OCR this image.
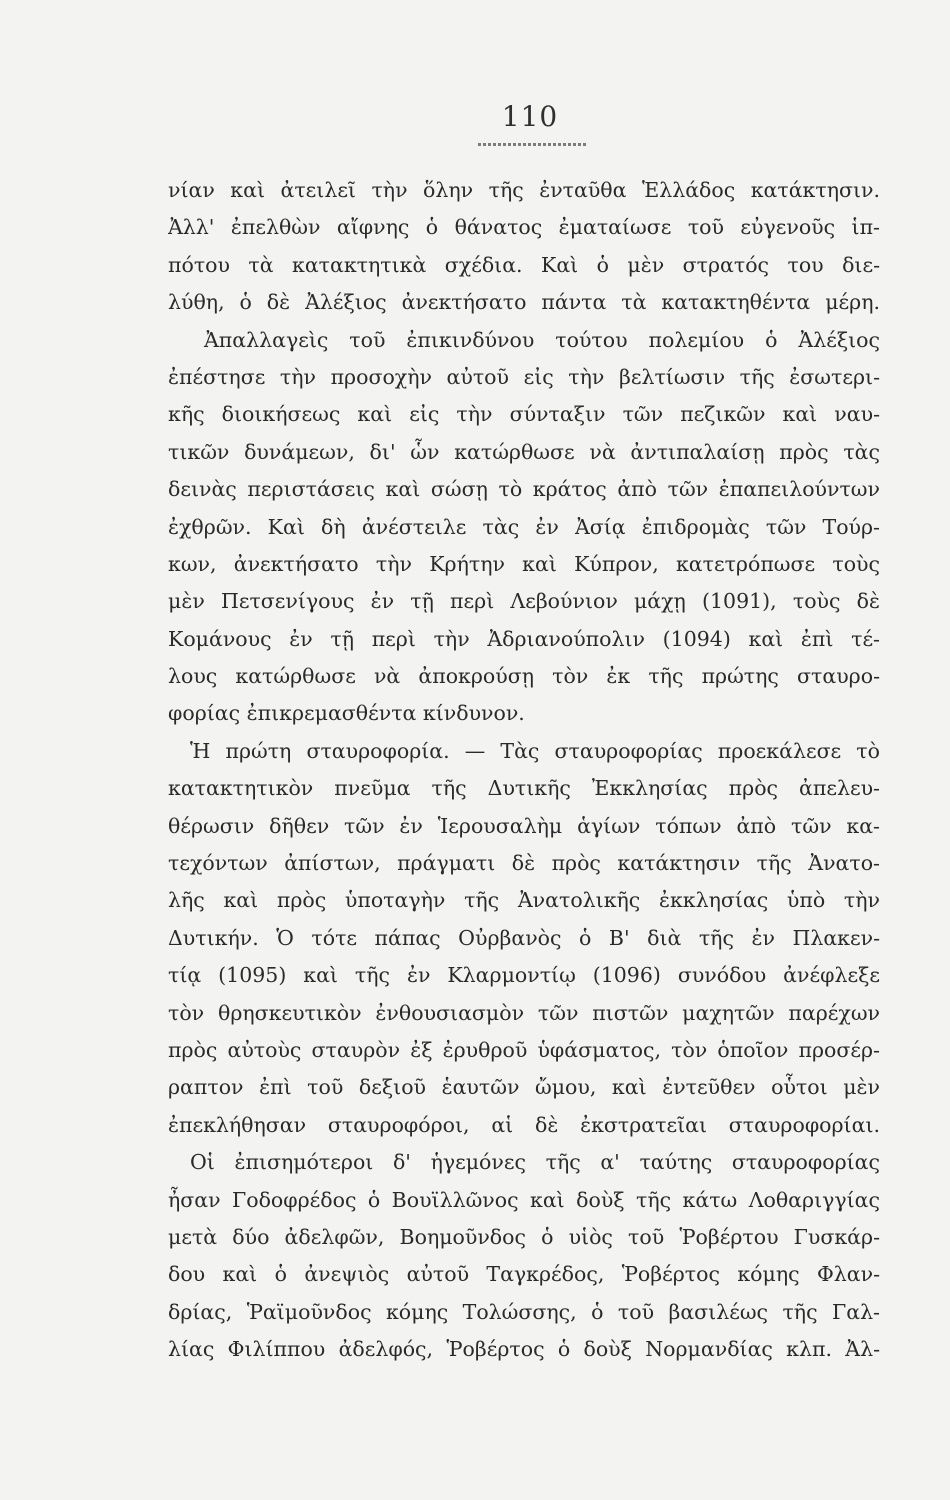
110
νίαν καὶ ἀτειλεῖ τὴν ὅλην τῆς ἐνταῦθα Ἑλλάδος κατάκτησιν.
Ἀλλ' ἐπελθὼν αἴφνης ὁ θάνατος ἐματαίωσε τοῦ εὐγενοῦς ἱπ-
πότου τὰ κατακτητικὰ σχέδια. Καὶ ὁ μὲν στρατός του διε-
λύθη, ὁ δὲ Ἀλέξιος ἀνεκτήσατο πάντα τὰ κατακτηθέντα μέρη.
Ἀπαλλαγεὶς τοῦ ἐπικινδύνου τούτου πολεμίου ὁ Ἀλέξιος
ἐπέστησε τὴν προσοχὴν αὐτοῦ εἰς τὴν βελτίωσιν τῆς ἐσωτερι-
κῆς διοικήσεως καὶ εἰς τὴν σύνταξιν τῶν πεζικῶν καὶ ναυ-
τικῶν δυνάμεων, δι' ὧν κατώρθωσε νὰ ἀντιπαλαίσῃ πρὸς τὰς
δεινὰς περιστάσεις καὶ σώσῃ τὸ κράτος ἀπὸ τῶν ἐπαπειλούντων
ἐχθρῶν. Καὶ δὴ ἀνέστειλε τὰς ἐν Ἀσίᾳ ἐπιδρομὰς τῶν Τούρ-
κων, ἀνεκτήσατο τὴν Κρήτην καὶ Κύπρον, κατετρόπωσε τοὺς
μὲν Πετσενίγους ἐν τῇ περὶ Λεβούνιον μάχῃ (1091), τοὺς δὲ
Κομάνους ἐν τῇ περὶ τὴν Ἀδριανούπολιν (1094) καὶ ἐπὶ τέ-
λους κατώρθωσε νὰ ἀποκρούσῃ τὸν ἐκ τῆς πρώτης σταυρο-
φορίας ἐπικρεμασθέντα κίνδυνον.
Ἡ πρώτη σταυροφορία. — Τὰς σταυροφορίας προεκάλεσε τὸ
κατακτητικὸν πνεῦμα τῆς Δυτικῆς Ἐκκλησίας πρὸς ἀπελευ-
θέρωσιν δῆθεν τῶν ἐν Ἱερουσαλὴμ ἁγίων τόπων ἀπὸ τῶν κα-
τεχόντων ἀπίστων, πράγματι δὲ πρὸς κατάκτησιν τῆς Ἀνατο-
λῆς καὶ πρὸς ὑποταγὴν τῆς Ἀνατολικῆς ἐκκλησίας ὑπὸ τὴν
Δυτικήν. Ὁ τότε πάπας Οὐρβανὸς ὁ Β' διὰ τῆς ἐν Πλακεν-
τίᾳ (1095) καὶ τῆς ἐν Κλαρμοντίῳ (1096) συνόδου ἀνέφλεξε
τὸν θρησκευτικὸν ἐνθουσιασμὸν τῶν πιστῶν μαχητῶν παρέχων
πρὸς αὐτοὺς σταυρὸν ἐξ ἐρυθροῦ ὑφάσματος, τὸν ὁποῖον προσέρ-
ραπτον ἐπὶ τοῦ δεξιοῦ ἑαυτῶν ὤμου, καὶ ἐντεῦθεν οὗτοι μὲν
ἐπεκλήθησαν σταυροφόροι, αἱ δὲ ἐκστρατεῖαι σταυροφορίαι.
Οἱ ἐπισημότεροι δ' ἡγεμόνες τῆς α' ταύτης σταυροφορίας
ἦσαν Γοδοφρέδος ὁ Βουϊλλῶνος καὶ δοὺξ τῆς κάτω Λοθαριγγίας
μετὰ δύο ἀδελφῶν, Βοημοῦνδος ὁ υἱὸς τοῦ Ῥοβέρτου Γυσκάρ-
δου καὶ ὁ ἀνεψιὸς αὐτοῦ Ταγκρέδος, Ῥοβέρτος κόμης Φλαν-
δρίας, Ῥαϊμοῦνδος κόμης Τολώσσης, ὁ τοῦ βασιλέως τῆς Γαλ-
λίας Φιλίππου ἀδελφός, Ῥοβέρτος ὁ δοὺξ Νορμανδίας κλπ. Ἀλ-
